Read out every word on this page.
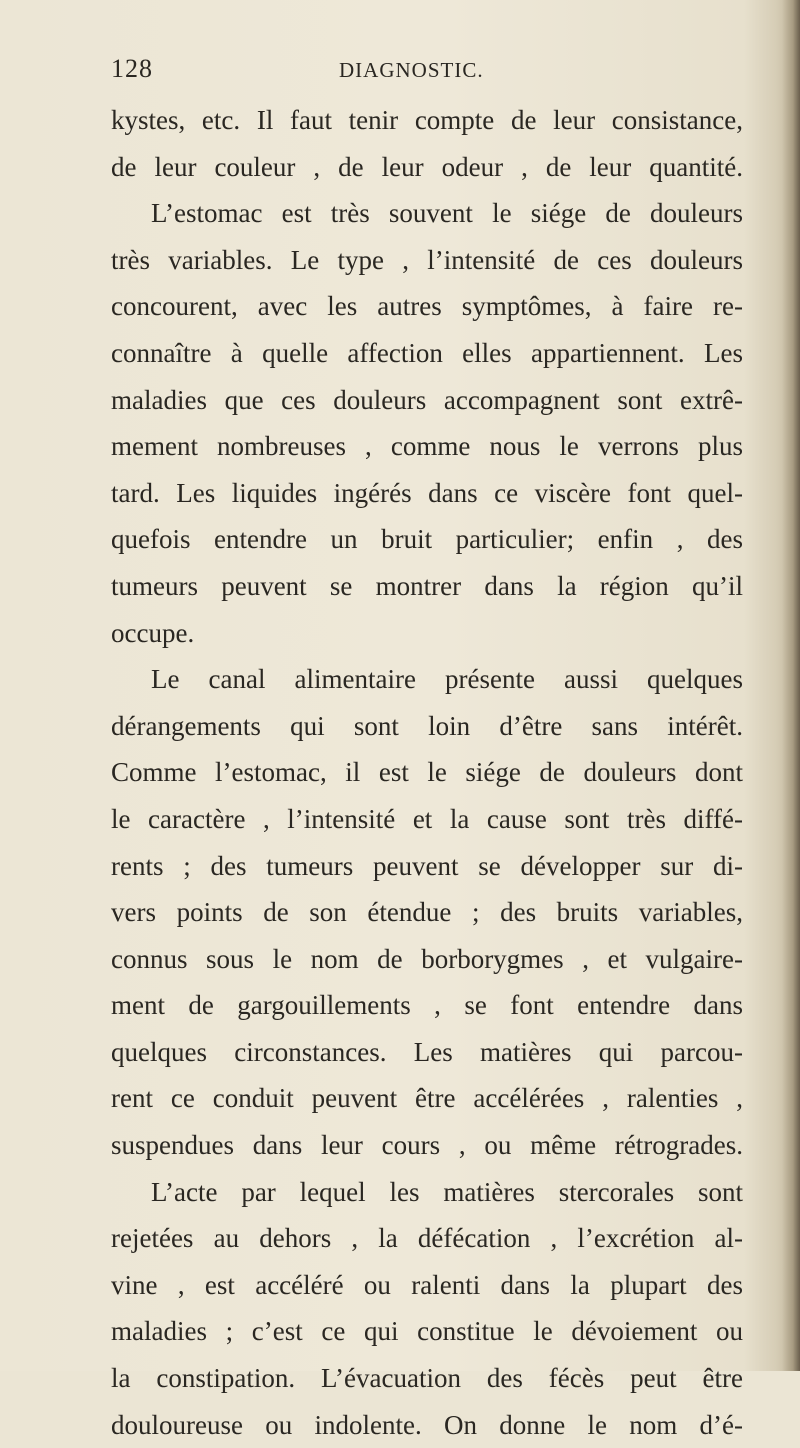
128	DIAGNOSTIC.
kystes, etc. Il faut tenir compte de leur consistance,
de leur couleur , de leur odeur , de leur quantité.
L’estomac est très souvent le siége de douleurs
très variables. Le type , l’intensité de ces douleurs
concourent, avec les autres symptômes, à faire re-
connaître à quelle affection elles appartiennent. Les
maladies que ces douleurs accompagnent sont extrê-
mement nombreuses , comme nous le verrons plus
tard. Les liquides ingérés dans ce viscère font quel-
quefois entendre un bruit particulier; enfin , des
tumeurs peuvent se montrer dans la région qu’il
occupe.
Le canal alimentaire présente aussi quelques
dérangements qui sont loin d’être sans intérêt.
Comme l’estomac, il est le siége de douleurs dont
le caractère , l’intensité et la cause sont très diffé-
rents ; des tumeurs peuvent se développer sur di-
vers points de son étendue ; des bruits variables,
connus sous le nom de borborygmes , et vulgaire-
ment de gargouillements , se font entendre dans
quelques circonstances. Les matières qui parcou-
rent ce conduit peuvent être accélérées , ralenties ,
suspendues dans leur cours , ou même rétrogrades.
L’acte par lequel les matières stercorales sont
rejetées au dehors , la défécation , l’excrétion al-
vine , est accéléré ou ralenti dans la plupart des
maladies ; c’est ce qui constitue le dévoiement ou
la constipation. L’évacuation des fécès peut être
douloureuse ou indolente. On donne le nom d’é-
